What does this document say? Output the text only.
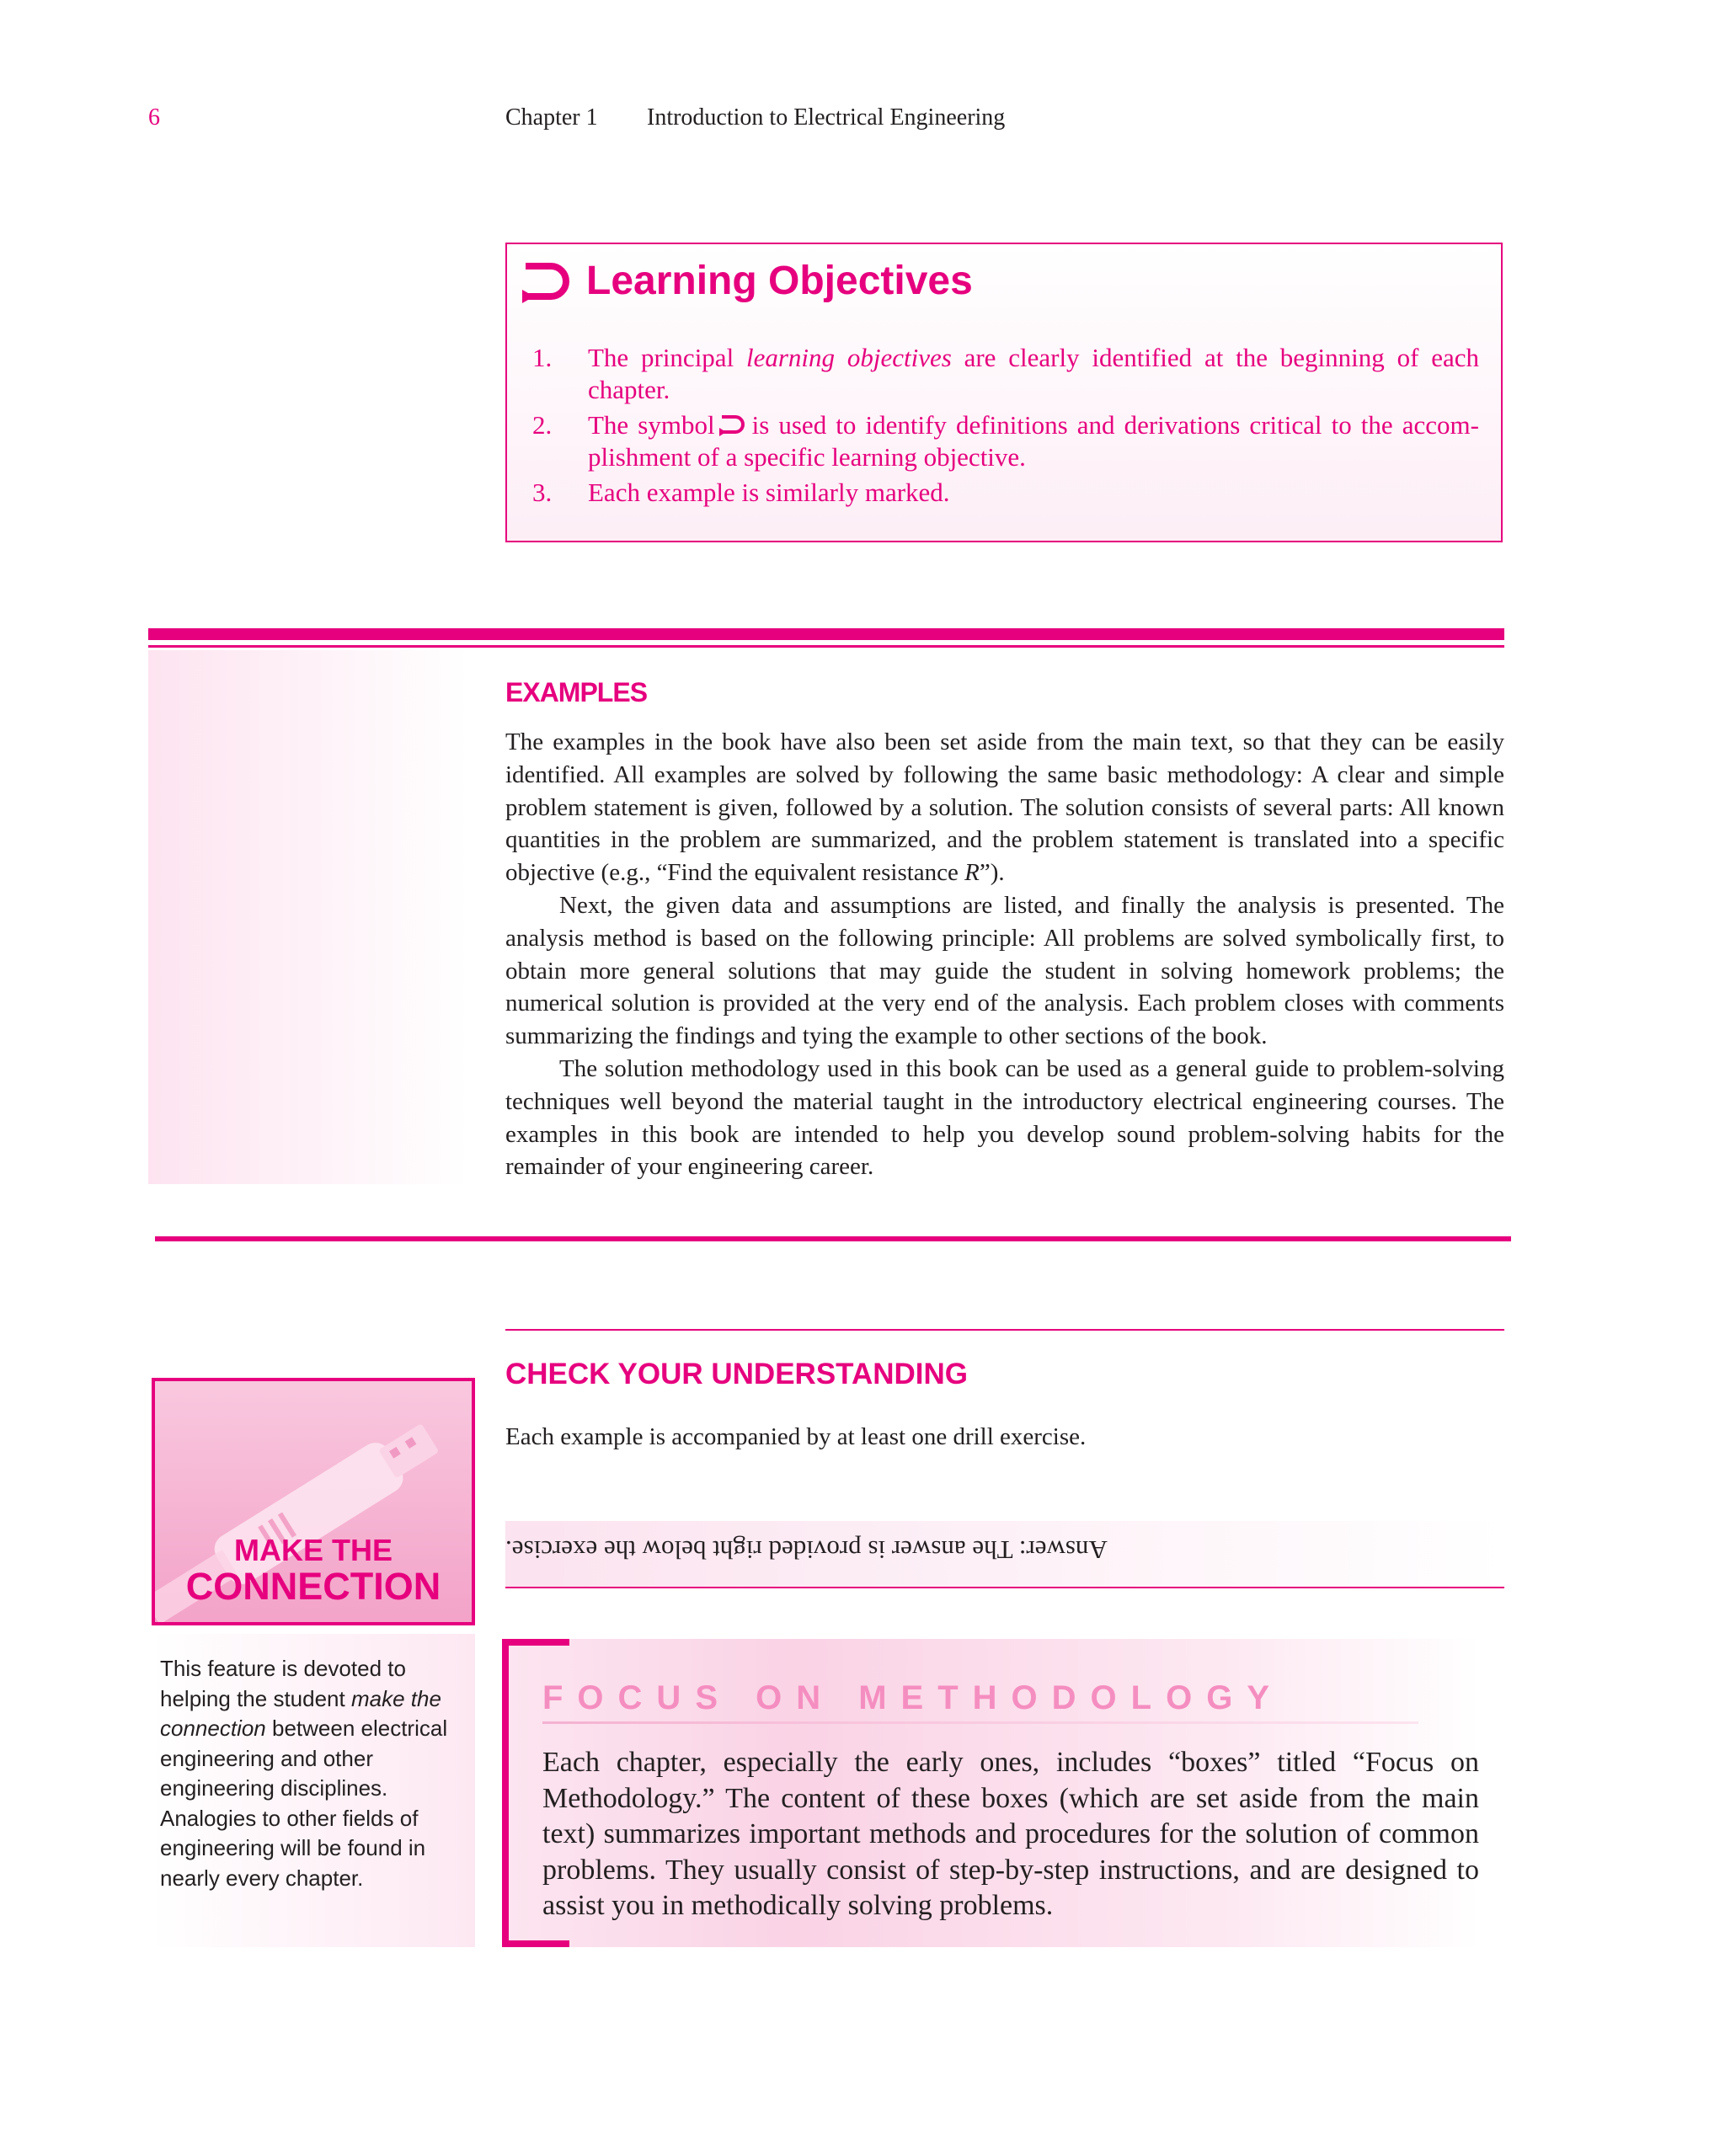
6	Chapter 1 Introduction to Electrical Engineering
Learning Objectives
1. The principal learning objectives are clearly identified at the beginning of each chapter.
2. The symbol is used to identify definitions and derivations critical to the accom-plishment of a specific learning objective.
3. Each example is similarly marked.
EXAMPLES

The examples in the book have also been set aside from the main text, so that they can be easily identified. All examples are solved by following the same basic methodology: A clear and simple problem statement is given, followed by a solution. The solution consists of several parts: All known quantities in the problem are summarized, and the problem statement is translated into a specific objective (e.g., “Find the equivalent resistance R”).

Next, the given data and assumptions are listed, and finally the analysis is presented. The analysis method is based on the following principle: All problems are solved symbolically first, to obtain more general solutions that may guide the student in solving homework problems; the numerical solution is provided at the very end of the analysis. Each problem closes with comments summarizing the findings and tying the example to other sections of the book.

The solution methodology used in this book can be used as a general guide to problem-solving techniques well beyond the material taught in the introductory electrical engineering courses. The examples in this book are intended to help you develop sound problem-solving habits for the remainder of your engineering career.

CHECK YOUR UNDERSTANDING
Each example is accompanied by at least one drill exercise.
Answer: The answer is provided right below the exercise.
MAKE THE
CONNECTION
This feature is devoted to helping the student make the connection between electrical engineering and other engineering disciplines. Analogies to other fields of engineering will be found in nearly every chapter.
FOCUS ON METHODOLOGY
Each chapter, especially the early ones, includes “boxes” titled “Focus on Methodology.” The content of these boxes (which are set aside from the main text) summarizes important methods and procedures for the solution of common problems. They usually consist of step-by-step instructions, and are designed to assist you in methodically solving problems.
